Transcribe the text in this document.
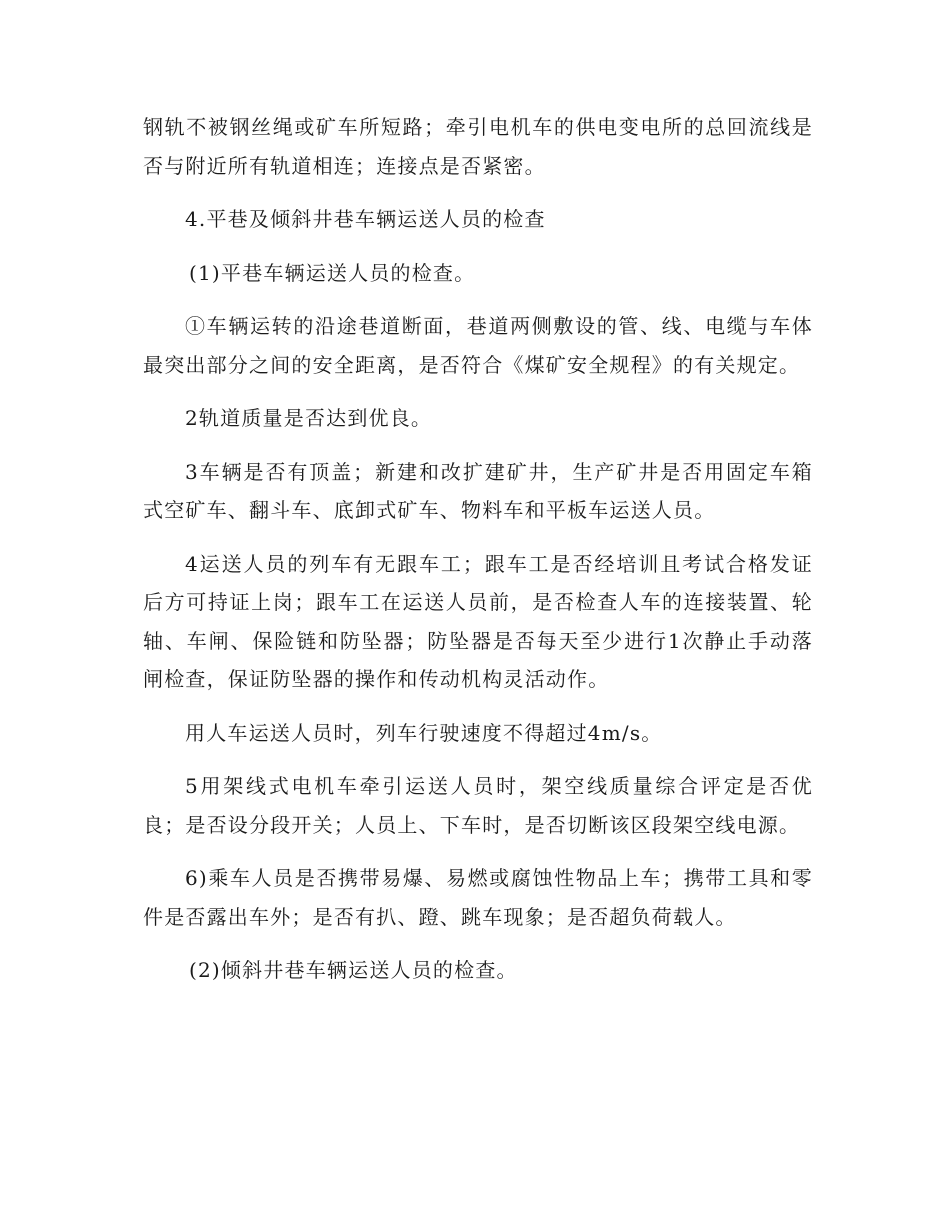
钢轨不被钢丝绳或矿车所短路；牵引电机车的供电变电所的总回流线是否与附近所有轨道相连；连接点是否紧密。

4.平巷及倾斜井巷车辆运送人员的检查

(1)平巷车辆运送人员的检查。

①车辆运转的沿途巷道断面，巷道两侧敷设的管、线、电缆与车体最突出部分之间的安全距离，是否符合《煤矿安全规程》的有关规定。

2轨道质量是否达到优良。

3车辆是否有顶盖；新建和改扩建矿井，生产矿井是否用固定车箱式空矿车、翻斗车、底卸式矿车、物料车和平板车运送人员。

4运送人员的列车有无跟车工；跟车工是否经培训且考试合格发证后方可持证上岗；跟车工在运送人员前，是否检查人车的连接装置、轮轴、车闸、保险链和防坠器；防坠器是否每天至少进行1次静止手动落闸检查，保证防坠器的操作和传动机构灵活动作。

用人车运送人员时，列车行驶速度不得超过4m/s。

5用架线式电机车牵引运送人员时，架空线质量综合评定是否优良；是否设分段开关；人员上、下车时，是否切断该区段架空线电源。

6)乘车人员是否携带易爆、易燃或腐蚀性物品上车；携带工具和零件是否露出车外；是否有扒、蹬、跳车现象；是否超负荷载人。

(2)倾斜井巷车辆运送人员的检查。
